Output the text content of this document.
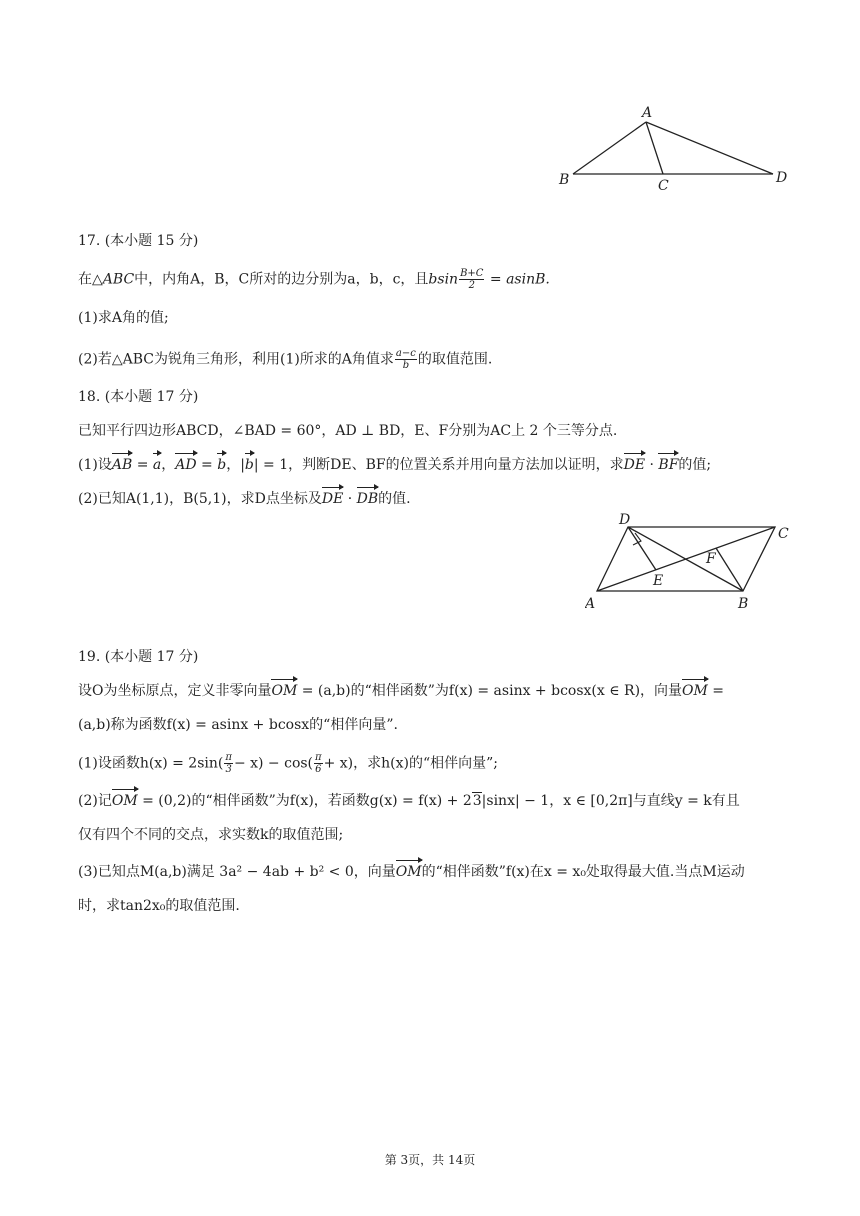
A
B	C	D
17. (本小题 15 分)
在△ABC中，内角A，B，C所对的边分别为a，b，c，且bsin $\frac{B+C}{2} = asinB$.
(1)求A角的值;
(2)若△ABC为锐角三角形，利用(1)所求的A角值求 $\frac{a-c}{b}$ 的取值范围.
18. (本小题 17 分)
已知平行四边形ABCD，∠BAD = 60°，AD ⊥ BD，E、F分别为AC上 2 个三等分点.
(1)设AB = a，AD = b，|b| = 1，判断DE、BF的位置关系并用向量方法加以证明，求DE · BF的值;
(2)已知A(1,1)，B(5,1)，求D点坐标及DE · DB的值.
A	B
C
D
E
F
19. (本小题 17 分)
设O为坐标原点，定义非零向量OM = (a,b)的“相伴函数”为f(x) = asinx + bcosx(x ∈ R)，向量OM =
(a,b)称为函数f(x) = asinx + bcosx的“相伴向量”.
(1)设函数$h(x) = 2\sin( \frac{\pi}{3} - x) - \cos( \frac{\pi}{6} + x)$，求h(x)的“相伴向量”;
(2)记OM = (0,2)的“相伴函数”为f(x)，若函数g(x) = f(x) + 23|sinx| − 1，x ∈ [0,2π]与直线y = k有且
仅有四个不同的交点，求实数k的取值范围;
(3)已知点M(a,b)满足 3a² − 4ab + b² < 0，向量OM的“相伴函数”f(x)在x = x₀处取得最大值.当点M运动
时，求tan2x₀的取值范围.
第 3页，共 14页
